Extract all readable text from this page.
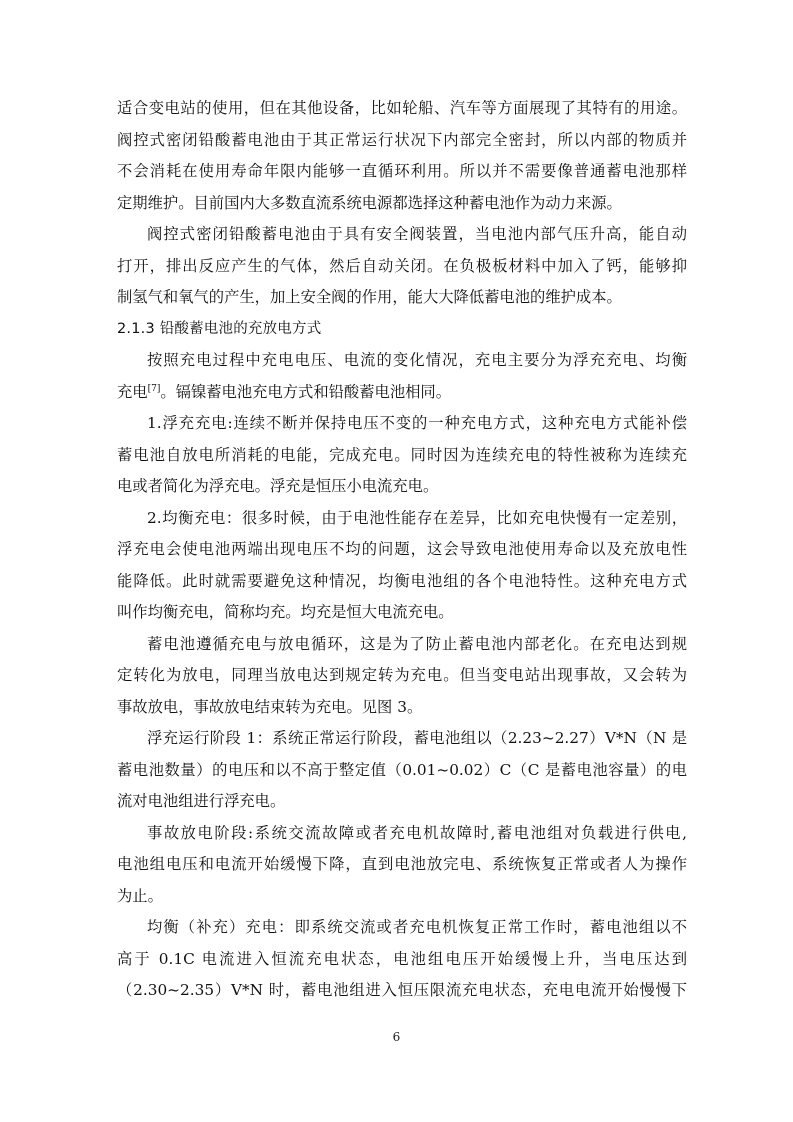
适合变电站的使用，但在其他设备，比如轮船、汽车等方面展现了其特有的用途。
阀控式密闭铅酸蓄电池由于其正常运行状况下内部完全密封，所以内部的物质并
不会消耗在使用寿命年限内能够一直循环利用。所以并不需要像普通蓄电池那样
定期维护。目前国内大多数直流系统电源都选择这种蓄电池作为动力来源。
阀控式密闭铅酸蓄电池由于具有安全阀装置，当电池内部气压升高，能自动
打开，排出反应产生的气体，然后自动关闭。在负极板材料中加入了钙，能够抑
制氢气和氧气的产生，加上安全阀的作用，能大大降低蓄电池的维护成本。
2.1.3 铅酸蓄电池的充放电方式
按照充电过程中充电电压、电流的变化情况，充电主要分为浮充充电、均衡
充电[7]。镉镍蓄电池充电方式和铅酸蓄电池相同。
1.浮充充电:连续不断并保持电压不变的一种充电方式，这种充电方式能补偿
蓄电池自放电所消耗的电能，完成充电。同时因为连续充电的特性被称为连续充
电或者简化为浮充电。浮充是恒压小电流充电。
2.均衡充电：很多时候，由于电池性能存在差异，比如充电快慢有一定差别，
浮充电会使电池两端出现电压不均的问题，这会导致电池使用寿命以及充放电性
能降低。此时就需要避免这种情况，均衡电池组的各个电池特性。这种充电方式
叫作均衡充电，简称均充。均充是恒大电流充电。
蓄电池遵循充电与放电循环，这是为了防止蓄电池内部老化。在充电达到规
定转化为放电，同理当放电达到规定转为充电。但当变电站出现事故，又会转为
事故放电，事故放电结束转为充电。见图 3。
浮充运行阶段 1：系统正常运行阶段，蓄电池组以（2.23~2.27）V*N（N 是
蓄电池数量）的电压和以不高于整定值（0.01~0.02）C（C 是蓄电池容量）的电
流对电池组进行浮充电。
事故放电阶段:系统交流故障或者充电机故障时,蓄电池组对负载进行供电,
电池组电压和电流开始缓慢下降，直到电池放完电、系统恢复正常或者人为操作
为止。
均衡（补充）充电：即系统交流或者充电机恢复正常工作时，蓄电池组以不
高于 0.1C 电流进入恒流充电状态，电池组电压开始缓慢上升，当电压达到
（2.30~2.35）V*N 时，蓄电池组进入恒压限流充电状态，充电电流开始慢慢下
6
